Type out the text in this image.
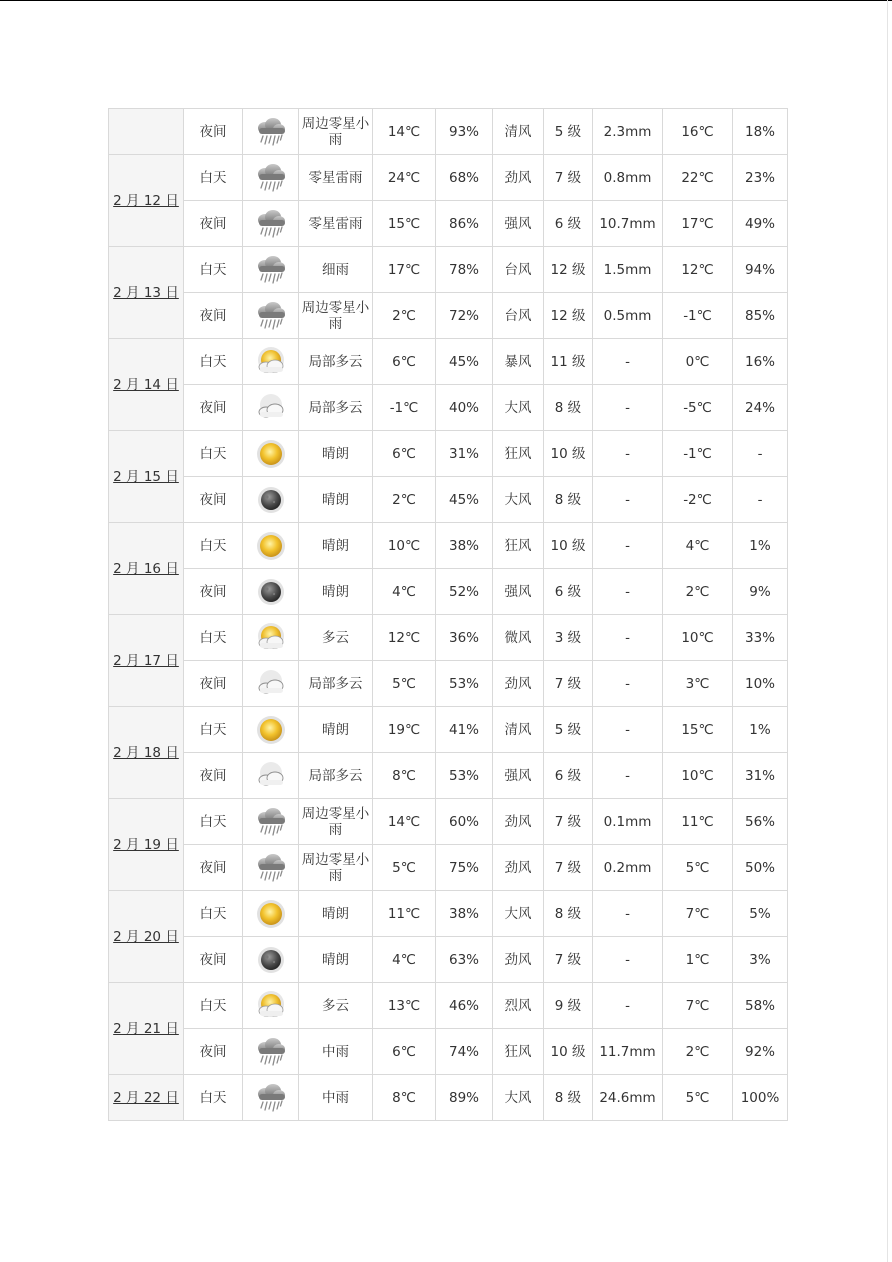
	夜间		周边零星小雨	14℃	93%	清风	5 级	2.3mm	16℃	18%
2 月 12 日	白天		零星雷雨	24℃	68%	劲风	7 级	0.8mm	22℃	23%
	夜间		零星雷雨	15℃	86%	强风	6 级	10.7mm	17℃	49%
2 月 13 日	白天		细雨	17℃	78%	台风	12 级	1.5mm	12℃	94%
	夜间		周边零星小雨	2℃	72%	台风	12 级	0.5mm	-1℃	85%
2 月 14 日	白天		局部多云	6℃	45%	暴风	11 级	-	0℃	16%
	夜间		局部多云	-1℃	40%	大风	8 级	-	-5℃	24%
2 月 15 日	白天		晴朗	6℃	31%	狂风	10 级	-	-1℃	-
	夜间		晴朗	2℃	45%	大风	8 级	-	-2℃	-
2 月 16 日	白天		晴朗	10℃	38%	狂风	10 级	-	4℃	1%
	夜间		晴朗	4℃	52%	强风	6 级	-	2℃	9%
2 月 17 日	白天		多云	12℃	36%	微风	3 级	-	10℃	33%
	夜间		局部多云	5℃	53%	劲风	7 级	-	3℃	10%
2 月 18 日	白天		晴朗	19℃	41%	清风	5 级	-	15℃	1%
	夜间		局部多云	8℃	53%	强风	6 级	-	10℃	31%
2 月 19 日	白天		周边零星小雨	14℃	60%	劲风	7 级	0.1mm	11℃	56%
	夜间		周边零星小雨	5℃	75%	劲风	7 级	0.2mm	5℃	50%
2 月 20 日	白天		晴朗	11℃	38%	大风	8 级	-	7℃	5%
	夜间		晴朗	4℃	63%	劲风	7 级	-	1℃	3%
2 月 21 日	白天		多云	13℃	46%	烈风	9 级	-	7℃	58%
	夜间		中雨	6℃	74%	狂风	10 级	11.7mm	2℃	92%
2 月 22 日	白天		中雨	8℃	89%	大风	8 级	24.6mm	5℃	100%
